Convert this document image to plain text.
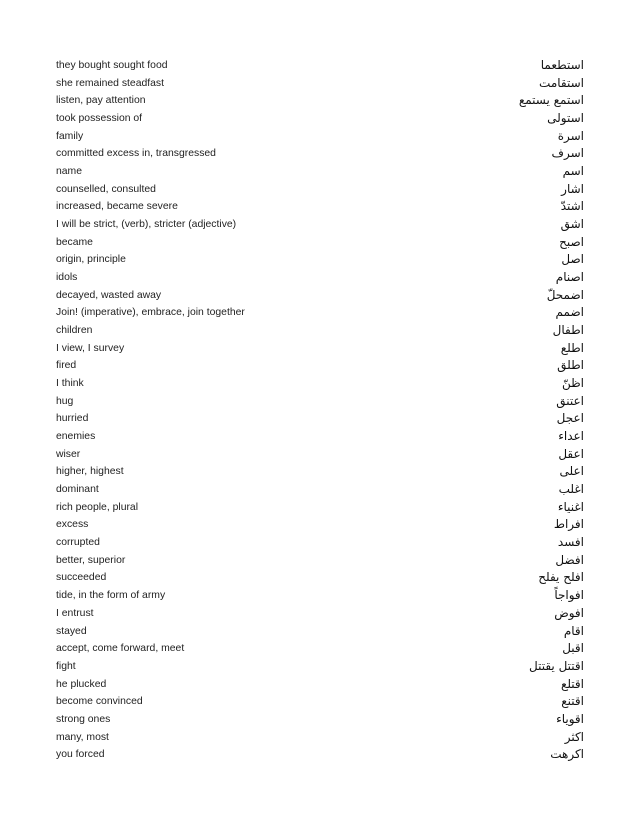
they bought sought food	استطعما
she remained steadfast	استقامت
listen, pay attention	استمع يستمع
took possession of	استولى
family	اسرة
committed excess in, transgressed	اسرف
name	اسم
counselled, consulted	اشار
increased, became severe	اشتدّ
I will be strict, (verb), stricter (adjective)	اشق
became	اصبح
origin, principle	اصل
idols	اصنام
decayed, wasted away	اضمحلّ
Join! (imperative), embrace, join together	اضمم
children	اطفال
I view, I survey	اطلع
fired	اطلق
I think	اظنّ
hug	اعتنق
hurried	اعجل
enemies	اعداء
wiser	اعقل
higher, highest	اعلى
dominant	اغلب
rich people, plural	اغنياء
excess	افراط
corrupted	افسد
better, superior	افضل
succeeded	افلح يفلح
tide, in the form of army	افواجاً
I entrust	افوض
stayed	اقام
accept, come forward, meet	اقبل
fight	اقتتل يقتتل
he plucked	اقتلع
become convinced	اقتنع
strong ones	اقوياء
many, most	اكثر
you forced	اكرهت
